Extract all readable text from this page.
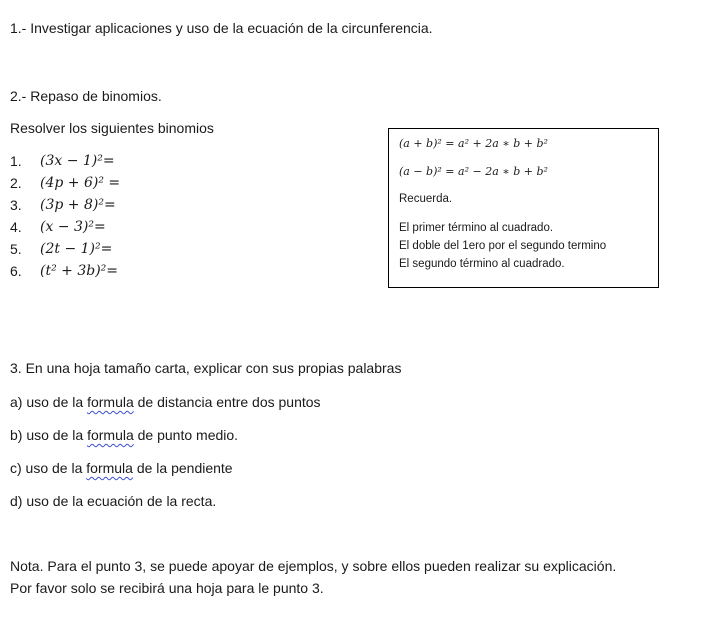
1.- Investigar aplicaciones y uso de la ecuación de la circunferencia.
2.- Repaso de binomios.
Resolver los siguientes binomios
1.	(3x − 1)²=
2.	(4p + 6)² =
3.	(3p + 8)²=
4.	(x − 3)²=
5.	(2t − 1)²=
6.	(t² + 3b)²=
(a + b)² = a² + 2a ∗ b + b²
(a − b)² = a² − 2a ∗ b + b²
Recuerda.
El primer término al cuadrado.
El doble del 1ero por el segundo termino
El segundo término al cuadrado.
3. En una hoja tamaño carta, explicar con sus propias palabras
a) uso de la formula de distancia entre dos puntos
b) uso de la formula de punto medio.
c) uso de la formula de la pendiente
d) uso de la ecuación de la recta.
Nota. Para el punto 3, se puede apoyar de ejemplos, y sobre ellos pueden realizar su explicación.
Por favor solo se recibirá una hoja para le punto 3.
